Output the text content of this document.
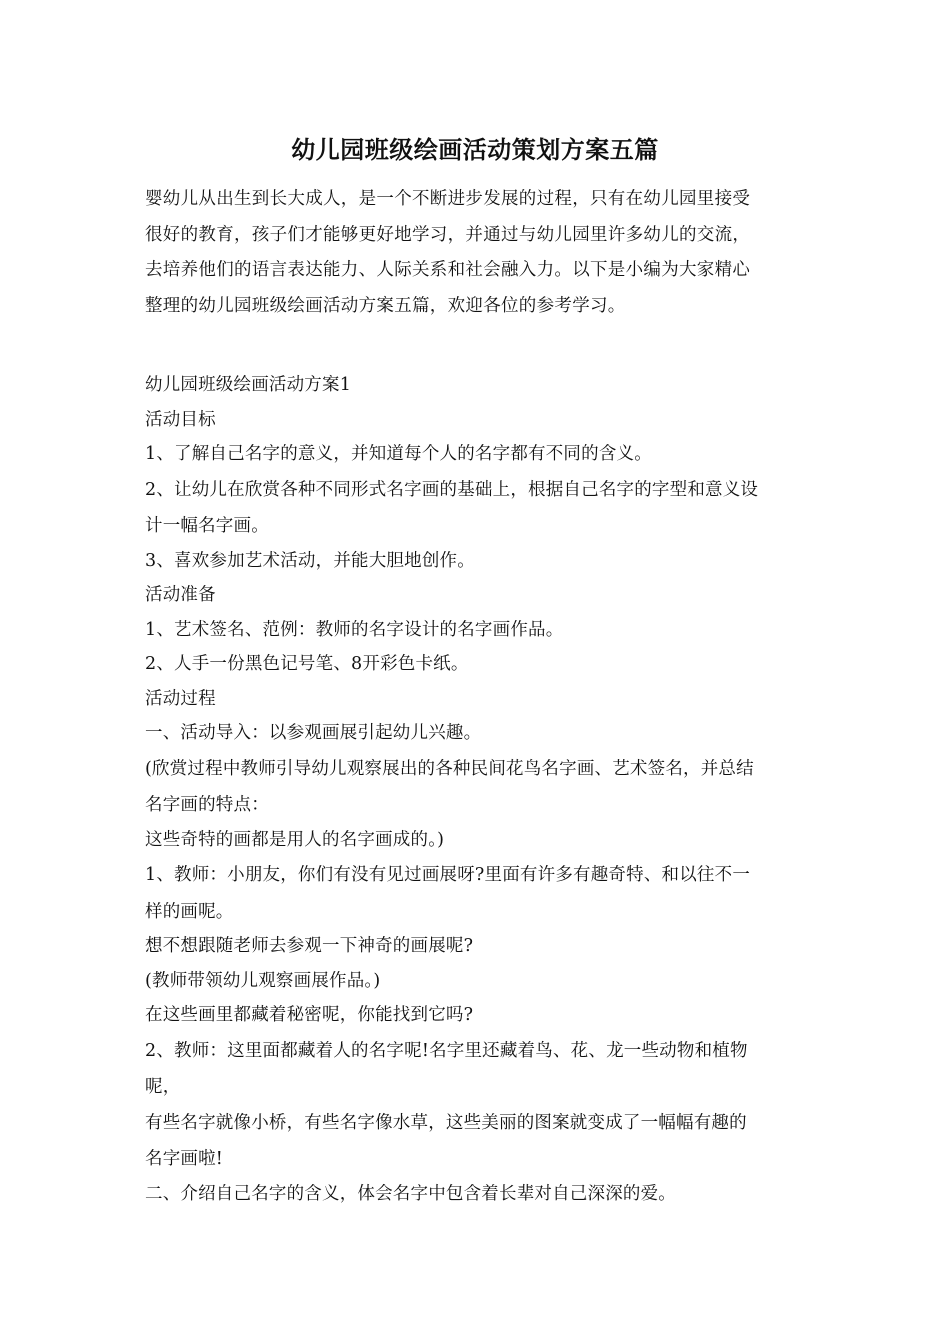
幼儿园班级绘画活动策划方案五篇

婴幼儿从出生到长大成人，是一个不断进步发展的过程，只有在幼儿园里接受

很好的教育，孩子们才能够更好地学习，并通过与幼儿园里许多幼儿的交流，

去培养他们的语言表达能力、人际关系和社会融入力。以下是小编为大家精心

整理的幼儿园班级绘画活动方案五篇，欢迎各位的参考学习。

幼儿园班级绘画活动方案1

活动目标

1、了解自己名字的意义，并知道每个人的名字都有不同的含义。

2、让幼儿在欣赏各种不同形式名字画的基础上，根据自己名字的字型和意义设

计一幅名字画。

3、喜欢参加艺术活动，并能大胆地创作。

活动准备

1、艺术签名、范例：教师的名字设计的名字画作品。

2、人手一份黑色记号笔、8开彩色卡纸。

活动过程

一、活动导入：以参观画展引起幼儿兴趣。

(欣赏过程中教师引导幼儿观察展出的各种民间花鸟名字画、艺术签名，并总结

名字画的特点：

这些奇特的画都是用人的名字画成的。)

1、教师：小朋友，你们有没有见过画展呀?里面有许多有趣奇特、和以往不一

样的画呢。

想不想跟随老师去参观一下神奇的画展呢?

(教师带领幼儿观察画展作品。)

在这些画里都藏着秘密呢，你能找到它吗?

2、教师：这里面都藏着人的名字呢!名字里还藏着鸟、花、龙一些动物和植物

呢，

有些名字就像小桥，有些名字像水草，这些美丽的图案就变成了一幅幅有趣的

名字画啦!

二、介绍自己名字的含义，体会名字中包含着长辈对自己深深的爱。
